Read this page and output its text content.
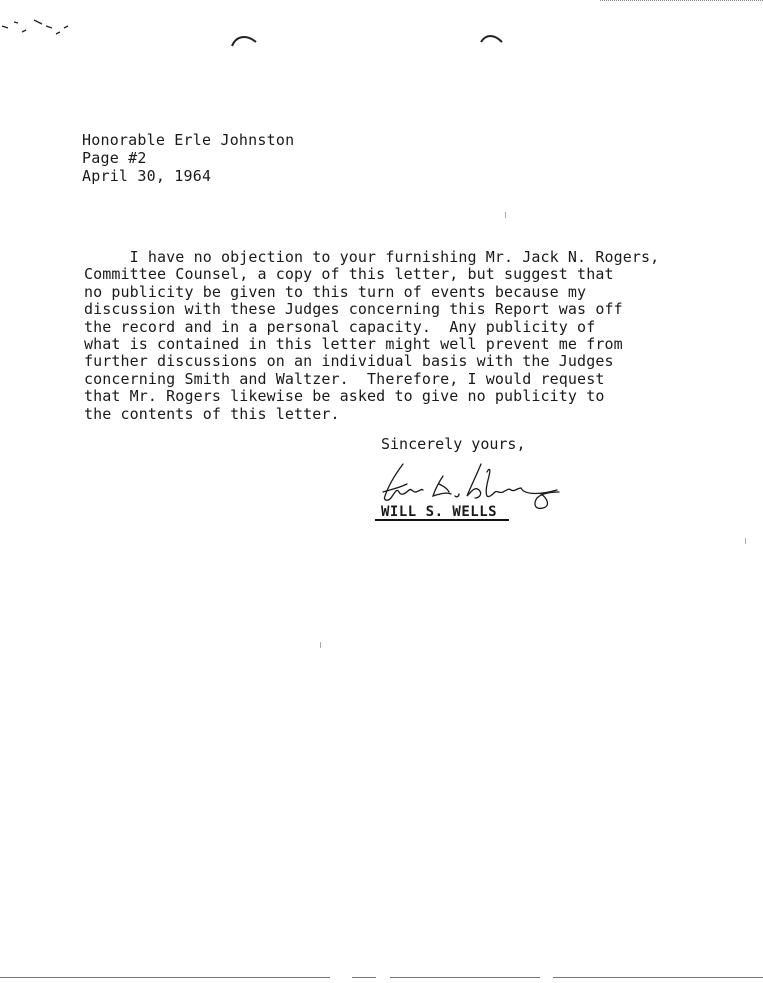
Honorable Erle Johnston
Page #2
April 30, 1964
I have no objection to your furnishing Mr. Jack N. Rogers,
Committee Counsel, a copy of this letter, but suggest that
no publicity be given to this turn of events because my
discussion with these Judges concerning this Report was off
the record and in a personal capacity.  Any publicity of
what is contained in this letter might well prevent me from
further discussions on an individual basis with the Judges
concerning Smith and Waltzer.  Therefore, I would request
that Mr. Rogers likewise be asked to give no publicity to
the contents of this letter.
Sincerely yours,
WILL S. WELLS
